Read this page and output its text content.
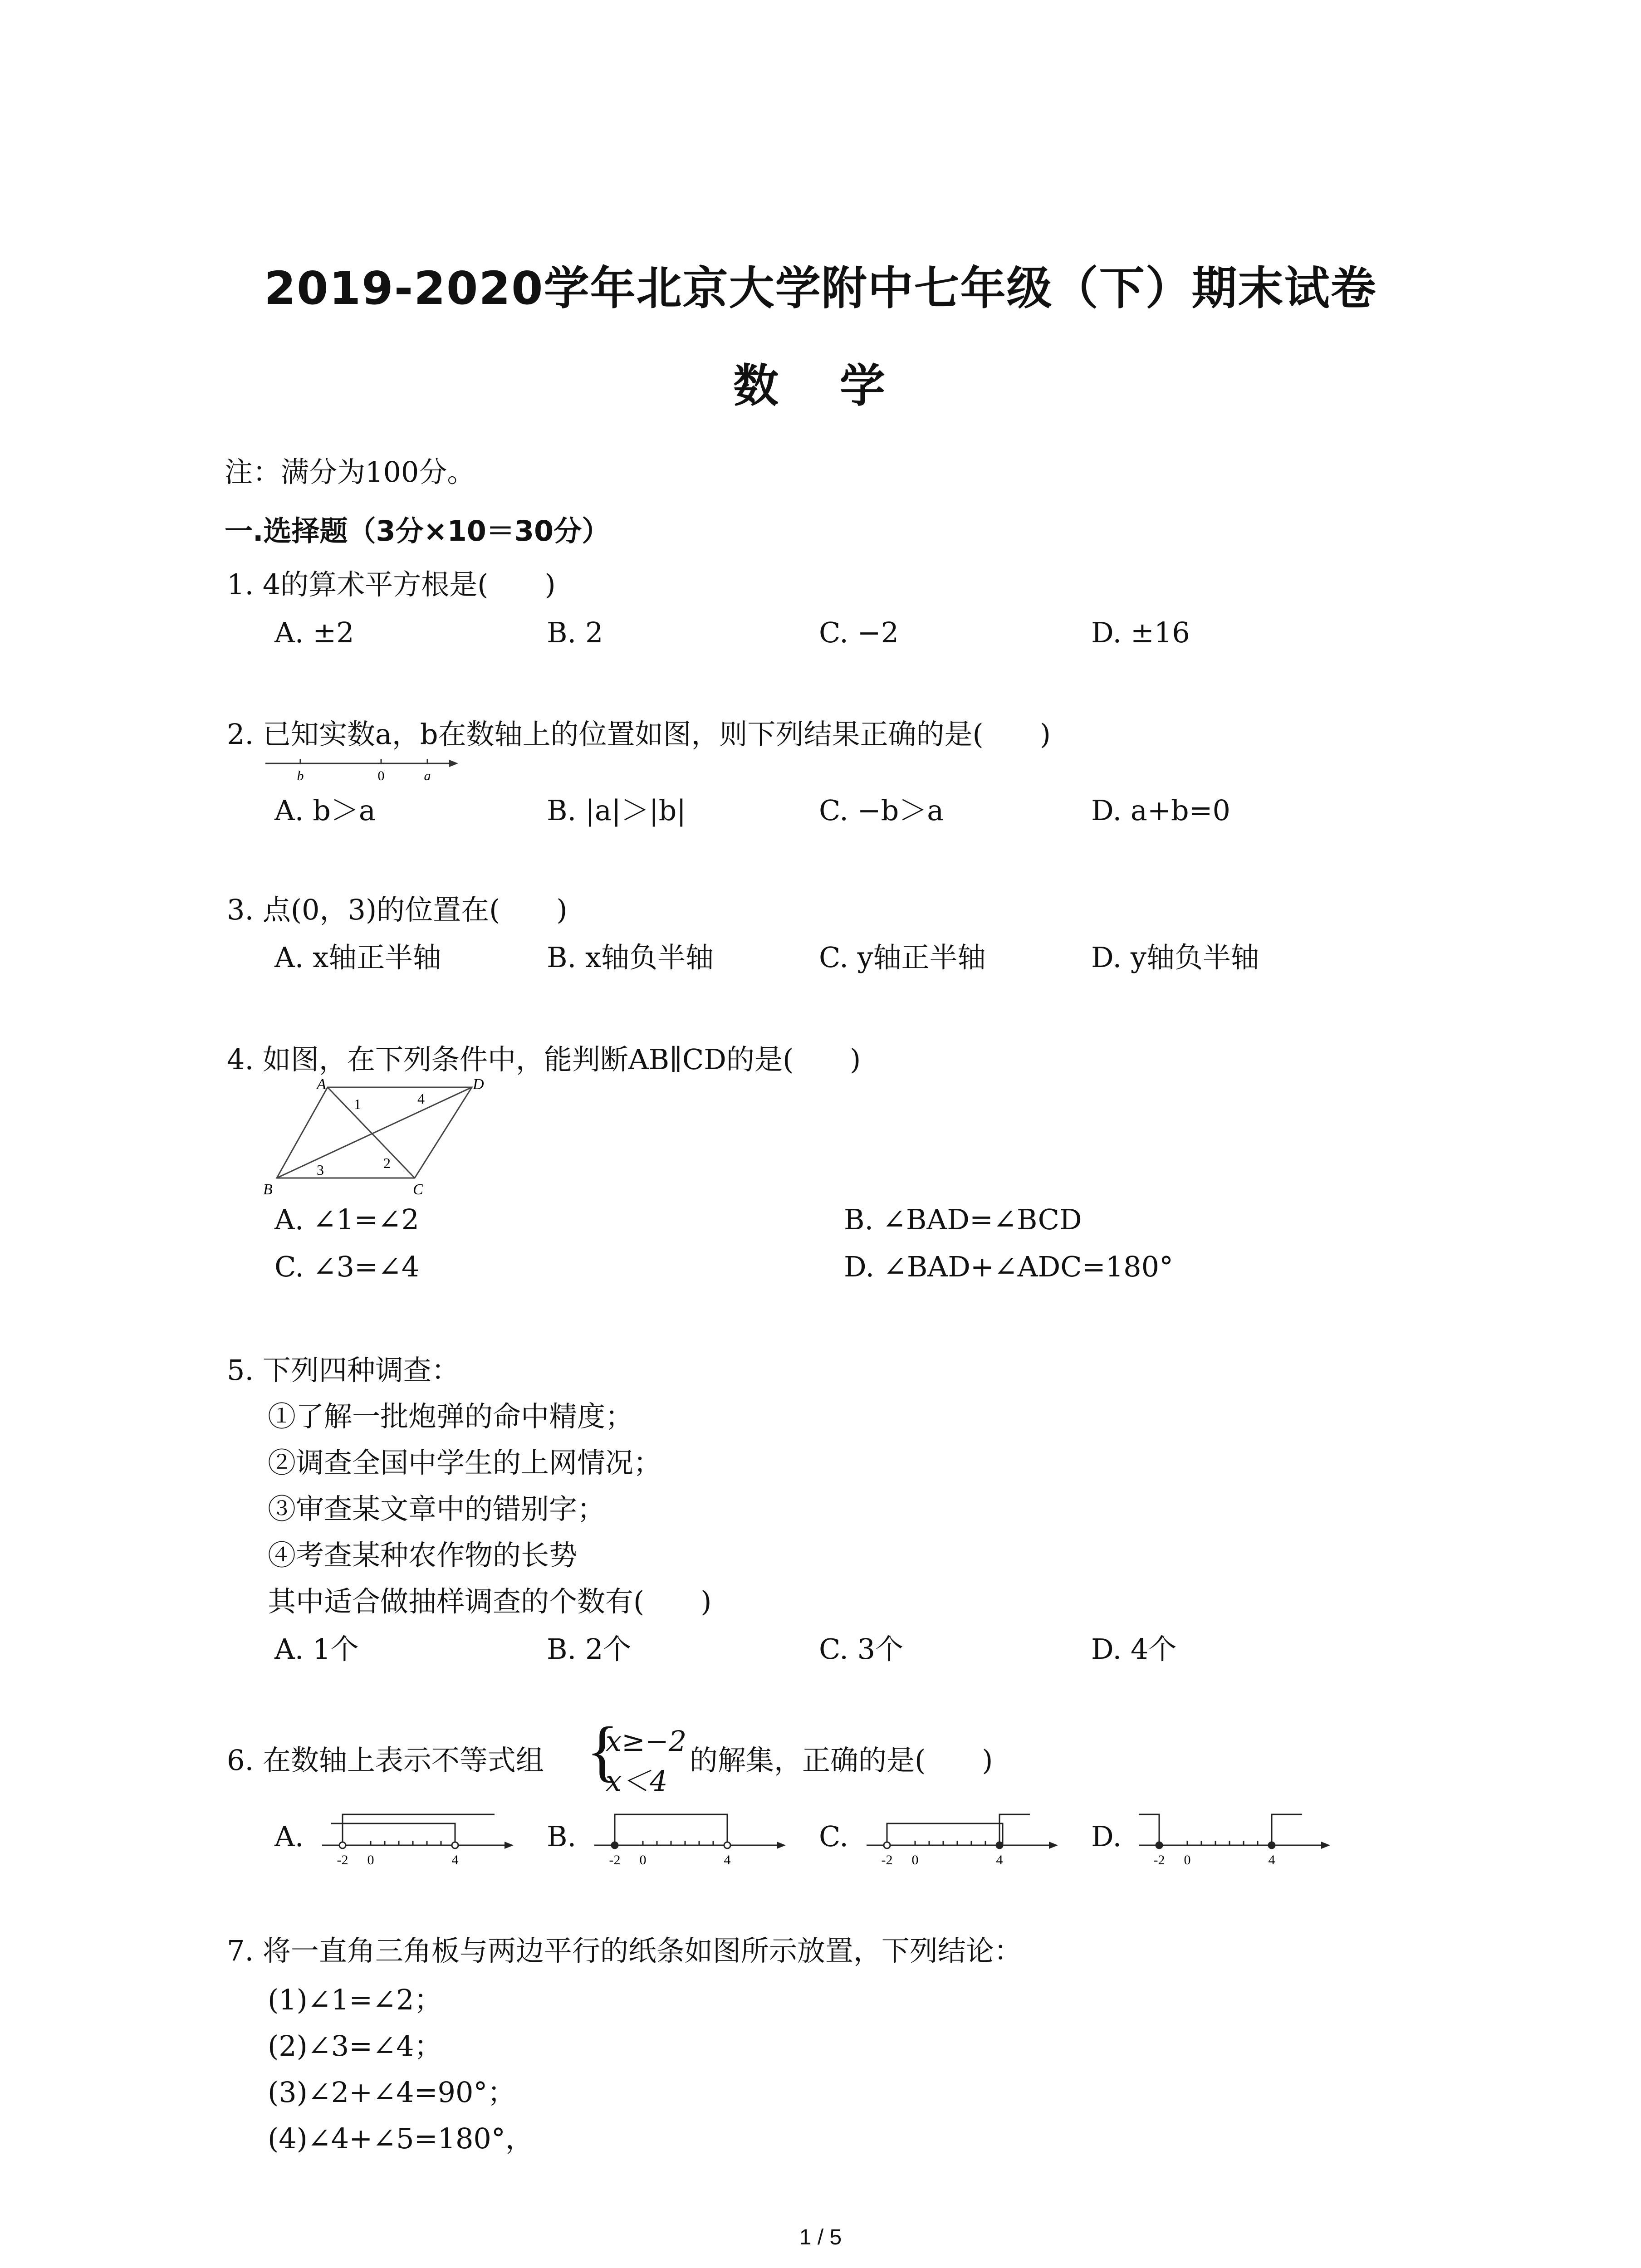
2019-2020学年北京大学附中七年级（下）期末试卷
数 学
注：满分为100分。
一.选择题（3分×10＝30分）
1. 4的算术平方根是(　　)
A. ±2	B. 2	C. −2	D. ±16
2. 已知实数a，b在数轴上的位置如图，则下列结果正确的是(　　)
b	0	a
A. b＞a	B. |a|＞|b|	C. −b＞a	D. a+b=0
3. 点(0，3)的位置在(　　)
A. x轴正半轴	B. x轴负半轴	C. y轴正半轴	D. y轴负半轴
4. 如图，在下列条件中，能判断AB∥CD的是(　　)
A	D
B	C
1	4
3	2
A. ∠1=∠2	B. ∠BAD=∠BCD
C. ∠3=∠4	D. ∠BAD+∠ADC=180°
5. 下列四种调查：
①了解一批炮弹的命中精度；
②调查全国中学生的上网情况；
③审查某文章中的错别字；
④考查某种农作物的长势
其中适合做抽样调查的个数有(　　)
A. 1个	B. 2个	C. 3个	D. 4个
6. 在数轴上表示不等式组 {
x≥−2
x＜4
的解集，正确的是(　　)
A.
-2 0	4
B.
-2 0	4
C.
-2 0	4
D.
-2 0	4
7. 将一直角三角板与两边平行的纸条如图所示放置，下列结论：
(1)∠1=∠2；
(2)∠3=∠4；
(3)∠2+∠4=90°；
(4)∠4+∠5=180°，
1 / 5
